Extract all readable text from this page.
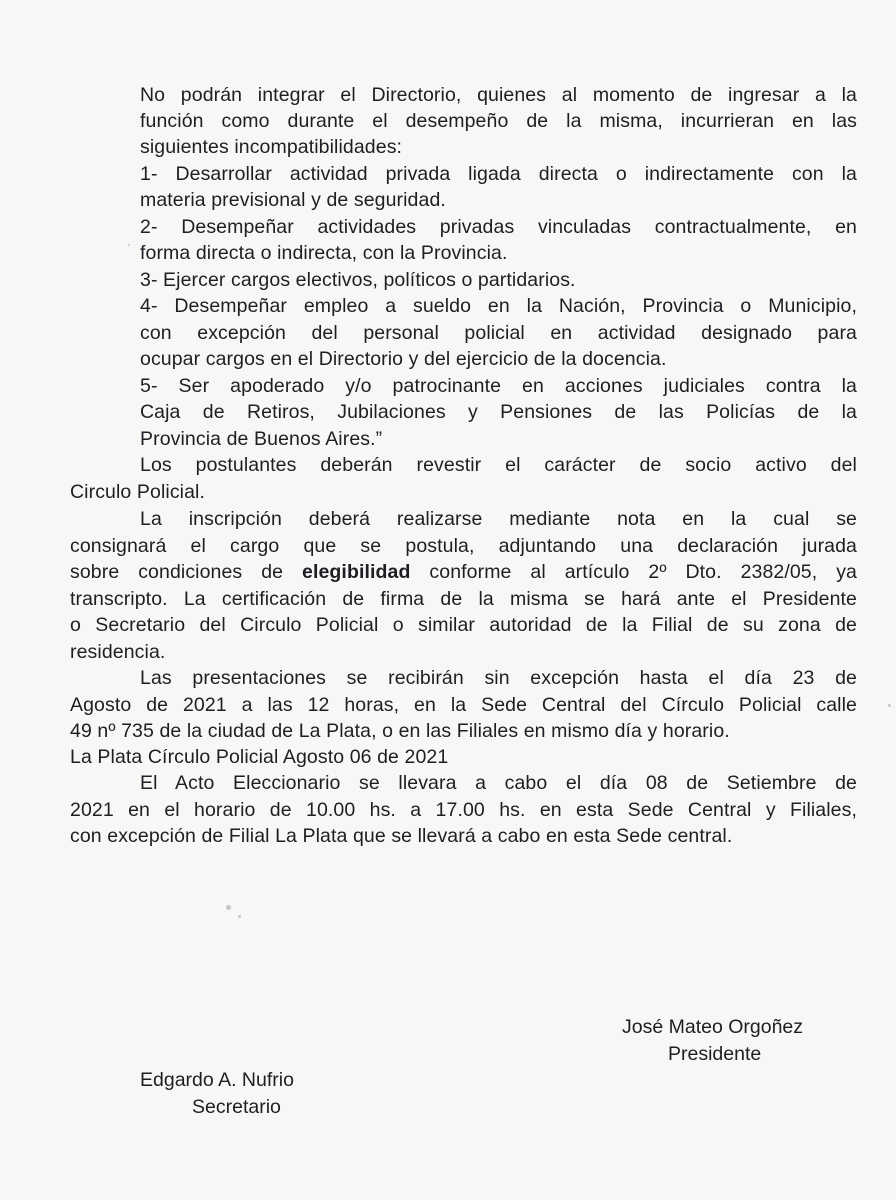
No podrán integrar el Directorio, quienes al momento de ingresar a la
función como durante el desempeño de la misma, incurrieran en las
siguientes incompatibilidades:
1- Desarrollar actividad privada ligada directa o indirectamente con la
materia previsional y de seguridad.
2- Desempeñar actividades privadas vinculadas contractualmente, en
forma directa o indirecta, con la Provincia.
3- Ejercer cargos electivos, políticos o partidarios.
4- Desempeñar empleo a sueldo en la Nación, Provincia o Municipio,
con excepción del personal policial en actividad designado para
ocupar cargos en el Directorio y del ejercicio de la docencia.
5- Ser apoderado y/o patrocinante en acciones judiciales contra la
Caja de Retiros, Jubilaciones y Pensiones de las Policías de la
Provincia de Buenos Aires.”
Los postulantes deberán revestir el carácter de socio activo del
Circulo Policial.
La inscripción deberá realizarse mediante nota en la cual se
consignará el cargo que se postula, adjuntando una declaración jurada
sobre condiciones de elegibilidad conforme al artículo 2º Dto. 2382/05, ya
transcripto. La certificación de firma de la misma se hará ante el Presidente
o Secretario del Circulo Policial o similar autoridad de la Filial de su zona de
residencia.
Las presentaciones se recibirán sin excepción hasta el día 23 de
Agosto de 2021 a las 12 horas, en la Sede Central del Círculo Policial calle
49 nº 735 de la ciudad de La Plata, o en las Filiales en mismo día y horario.
La Plata Círculo Policial Agosto 06 de 2021
El Acto Eleccionario se llevara a cabo el día 08 de Setiembre de
2021 en el horario de 10.00 hs. a 17.00 hs. en esta Sede Central y Filiales,
con excepción de Filial La Plata que se llevará a cabo en esta Sede central.
José Mateo Orgoñez
Presidente
Edgardo A. Nufrio
Secretario
